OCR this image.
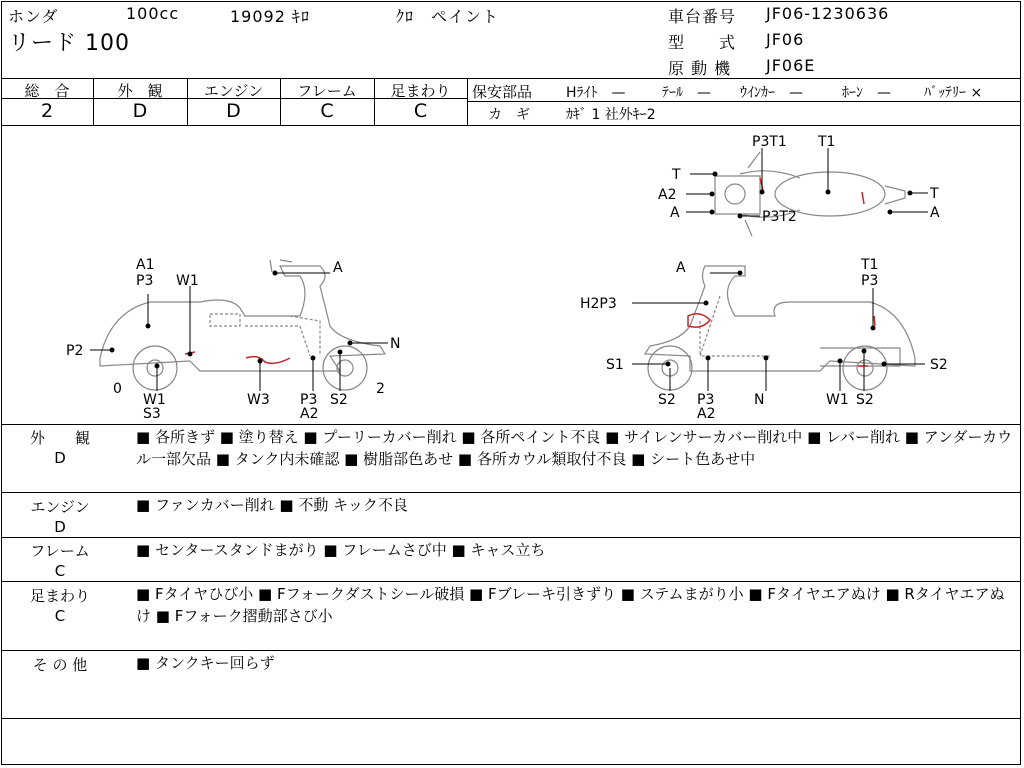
ホンダ	100cc	19092 ｷﾛ	ｸﾛ　ペイント
リード 100
車台番号 JF06-1230636
型　　式 JF06
原 動 機 JF06E
総　合	外　観	エンジン	フレーム	足まわり
2	D	D	C	C
保安部品 Hﾗｲﾄ　—	ﾃｰﾙ　— ｳｲﾝｶｰ　—	ﾎｰﾝ　— ﾊﾞｯﾃﾘｰ ×
カ　ギ	ｶｷﾞ 1 社外ｷｰ2
A1
P3 W1
A
P2	N
0
W1
S3
W3 P3
A2
S2
2
A	T1
P3
H2P3
S1
S2
S2
P3
A2
N	W1 S2
P3T1 T1
T
A2
A	P3T2
T
A
外　　観
D
■ 各所きず ■ 塗り替え ■ プーリーカバー削れ ■ 各所ペイント不良 ■ サイレンサーカバー削れ中 ■ レバー削れ ■ アンダーカウル一部欠品 ■ タンク内未確認 ■ 樹脂部色あせ ■ 各所カウル類取付不良 ■ シート色あせ中
エンジン
D
■ ファンカバー削れ ■ 不動 キック不良
フレーム
C
■ センタースタンドまがり ■ フレームさび中 ■ キャス立ち
足まわり
C
■ Fタイヤひび小 ■ Fフォークダストシール破損 ■ Fブレーキ引きずり ■ ステムまがり小 ■ Fタイヤエアぬけ ■ Rタイヤエアぬけ ■ Fフォーク摺動部さび小
そ の 他	■ タンクキー回らず
